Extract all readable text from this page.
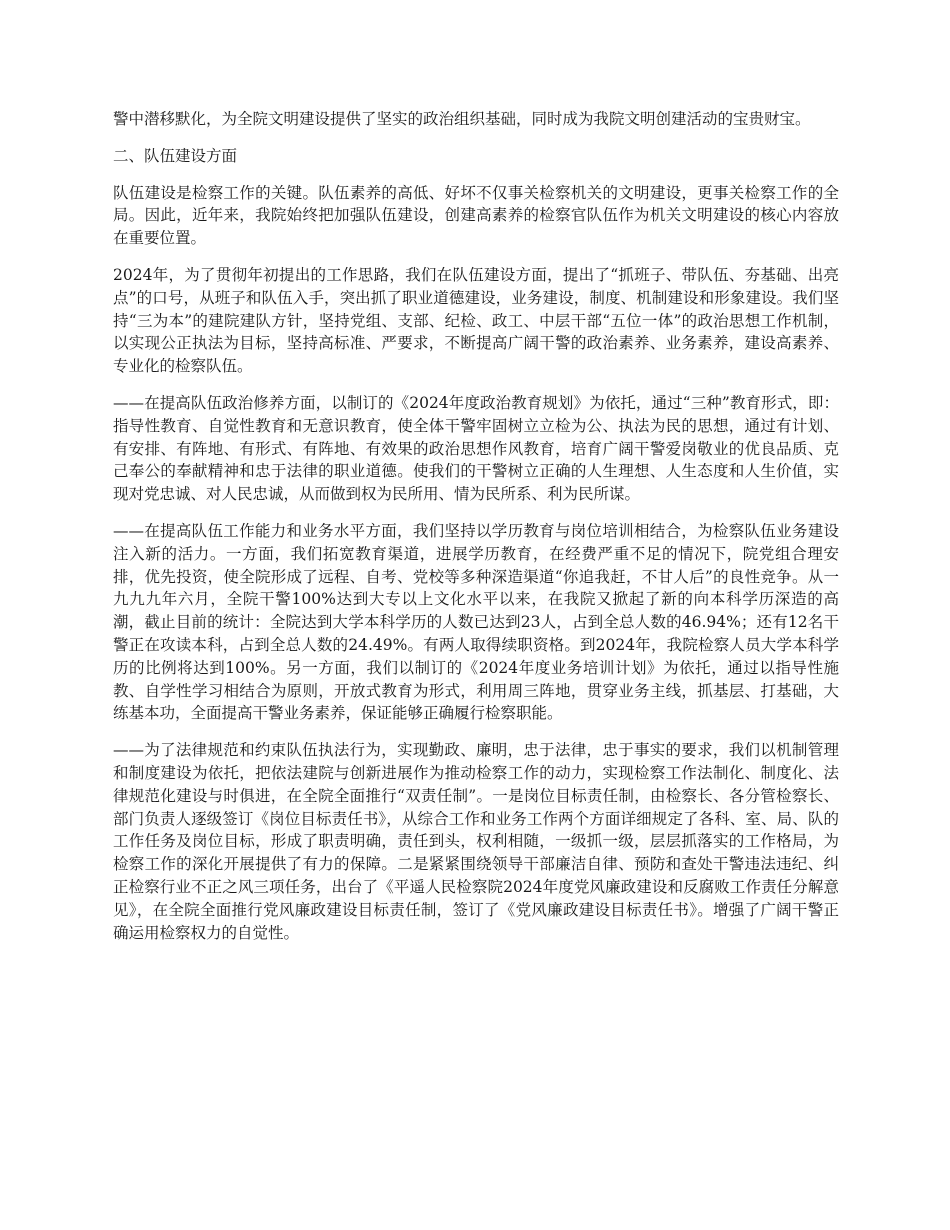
警中潜移默化，为全院文明建设提供了坚实的政治组织基础，同时成为我院文明创建活动的宝贵财宝。

二、队伍建设方面

队伍建设是检察工作的关键。队伍素养的高低、好坏不仅事关检察机关的文明建设，更事关检察工作的全局。因此，近年来，我院始终把加强队伍建设，创建高素养的检察官队伍作为机关文明建设的核心内容放在重要位置。

2024年，为了贯彻年初提出的工作思路，我们在队伍建设方面，提出了“抓班子、带队伍、夯基础、出亮点”的口号，从班子和队伍入手，突出抓了职业道德建设，业务建设，制度、机制建设和形象建设。我们坚持“三为本”的建院建队方针，坚持党组、支部、纪检、政工、中层干部“五位一体”的政治思想工作机制，以实现公正执法为目标，坚持高标准、严要求，不断提高广阔干警的政治素养、业务素养，建设高素养、专业化的检察队伍。

——在提高队伍政治修养方面，以制订的《2024年度政治教育规划》为依托，通过“三种”教育形式，即：指导性教育、自觉性教育和无意识教育，使全体干警牢固树立立检为公、执法为民的思想，通过有计划、有安排、有阵地、有形式、有阵地、有效果的政治思想作风教育，培育广阔干警爱岗敬业的优良品质、克己奉公的奉献精神和忠于法律的职业道德。使我们的干警树立正确的人生理想、人生态度和人生价值，实现对党忠诚、对人民忠诚，从而做到权为民所用、情为民所系、利为民所谋。

——在提高队伍工作能力和业务水平方面，我们坚持以学历教育与岗位培训相结合，为检察队伍业务建设注入新的活力。一方面，我们拓宽教育渠道，进展学历教育，在经费严重不足的情况下，院党组合理安排，优先投资，使全院形成了远程、自考、党校等多种深造渠道“你追我赶，不甘人后”的良性竞争。从一九九九年六月，全院干警100%达到大专以上文化水平以来，在我院又掀起了新的向本科学历深造的高潮，截止目前的统计：全院达到大学本科学历的人数已达到23人，占到全总人数的46.94%；还有12名干警正在攻读本科，占到全总人数的24.49%。有两人取得续职资格。到2024年，我院检察人员大学本科学历的比例将达到100%。另一方面，我们以制订的《2024年度业务培训计划》为依托，通过以指导性施教、自学性学习相结合为原则，开放式教育为形式，利用周三阵地，贯穿业务主线，抓基层、打基础，大练基本功，全面提高干警业务素养，保证能够正确履行检察职能。

——为了法律规范和约束队伍执法行为，实现勤政、廉明，忠于法律，忠于事实的要求，我们以机制管理和制度建设为依托，把依法建院与创新进展作为推动检察工作的动力，实现检察工作法制化、制度化、法律规范化建设与时俱进，在全院全面推行“双责任制”。一是岗位目标责任制，由检察长、各分管检察长、部门负责人逐级签订《岗位目标责任书》，从综合工作和业务工作两个方面详细规定了各科、室、局、队的工作任务及岗位目标，形成了职责明确，责任到头，权利相随，一级抓一级，层层抓落实的工作格局，为检察工作的深化开展提供了有力的保障。二是紧紧围绕领导干部廉洁自律、预防和查处干警违法违纪、纠正检察行业不正之风三项任务，出台了《平遥人民检察院2024年度党风廉政建设和反腐败工作责任分解意见》，在全院全面推行党风廉政建设目标责任制，签订了《党风廉政建设目标责任书》。增强了广阔干警正确运用检察权力的自觉性。
